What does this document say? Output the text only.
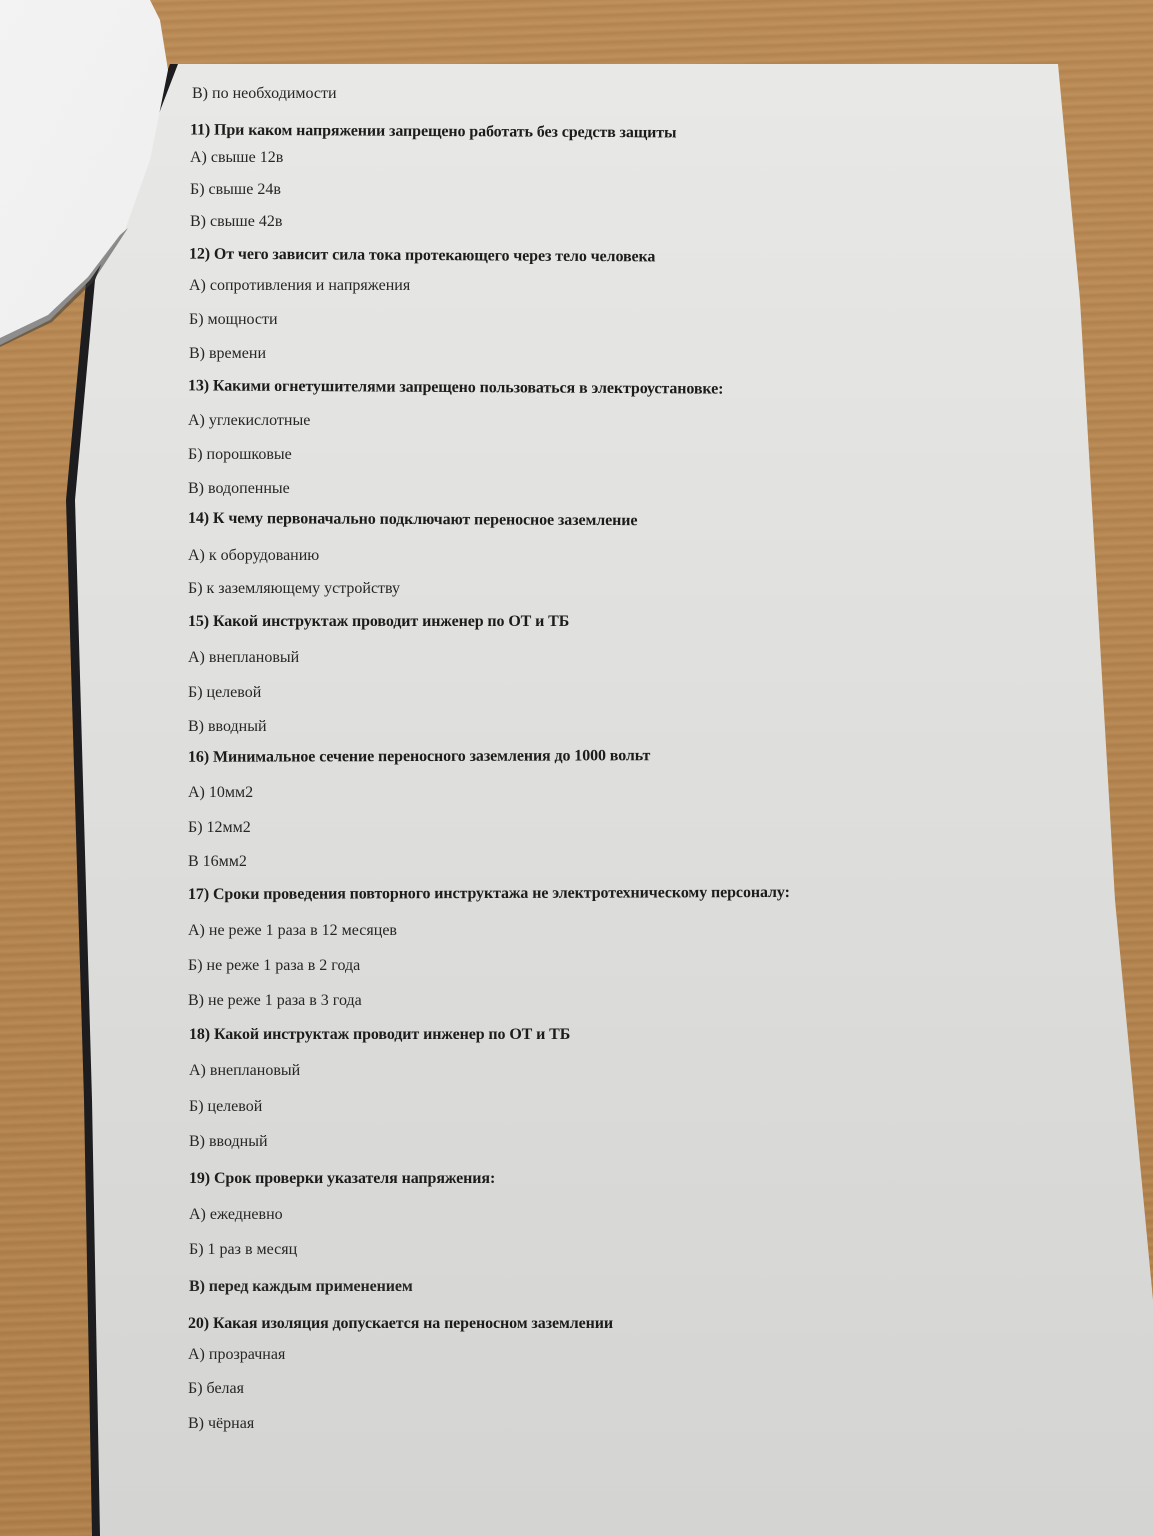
В) по необходимости
11) При каком напряжении запрещено работать без средств защиты
А) свыше 12в
Б) свыше 24в
В) свыше 42в
12) От чего зависит сила тока протекающего через тело человека
А) сопротивления и напряжения
Б) мощности
В) времени
13) Какими огнетушителями запрещено пользоваться в электроустановке:
А) углекислотные
Б) порошковые
В) водопенные
14) К чему первоначально подключают переносное заземление
А) к оборудованию
Б) к заземляющему устройству
15) Какой инструктаж проводит инженер по ОТ и ТБ
А) внеплановый
Б) целевой
В) вводный
16) Минимальное сечение переносного заземления до 1000 вольт
А) 10мм2
Б) 12мм2
В 16мм2
17) Сроки проведения повторного инструктажа не электротехническому персоналу:
А) не реже 1 раза в 12 месяцев
Б) не реже 1 раза в 2 года
В) не реже 1 раза в 3 года
18) Какой инструктаж проводит инженер по ОТ и ТБ
А) внеплановый
Б) целевой
В) вводный
19) Срок проверки указателя напряжения:
А) ежедневно
Б) 1 раз в месяц
В) перед каждым применением
20) Какая изоляция допускается на переносном заземлении
А) прозрачная
Б) белая
В) чёрная
